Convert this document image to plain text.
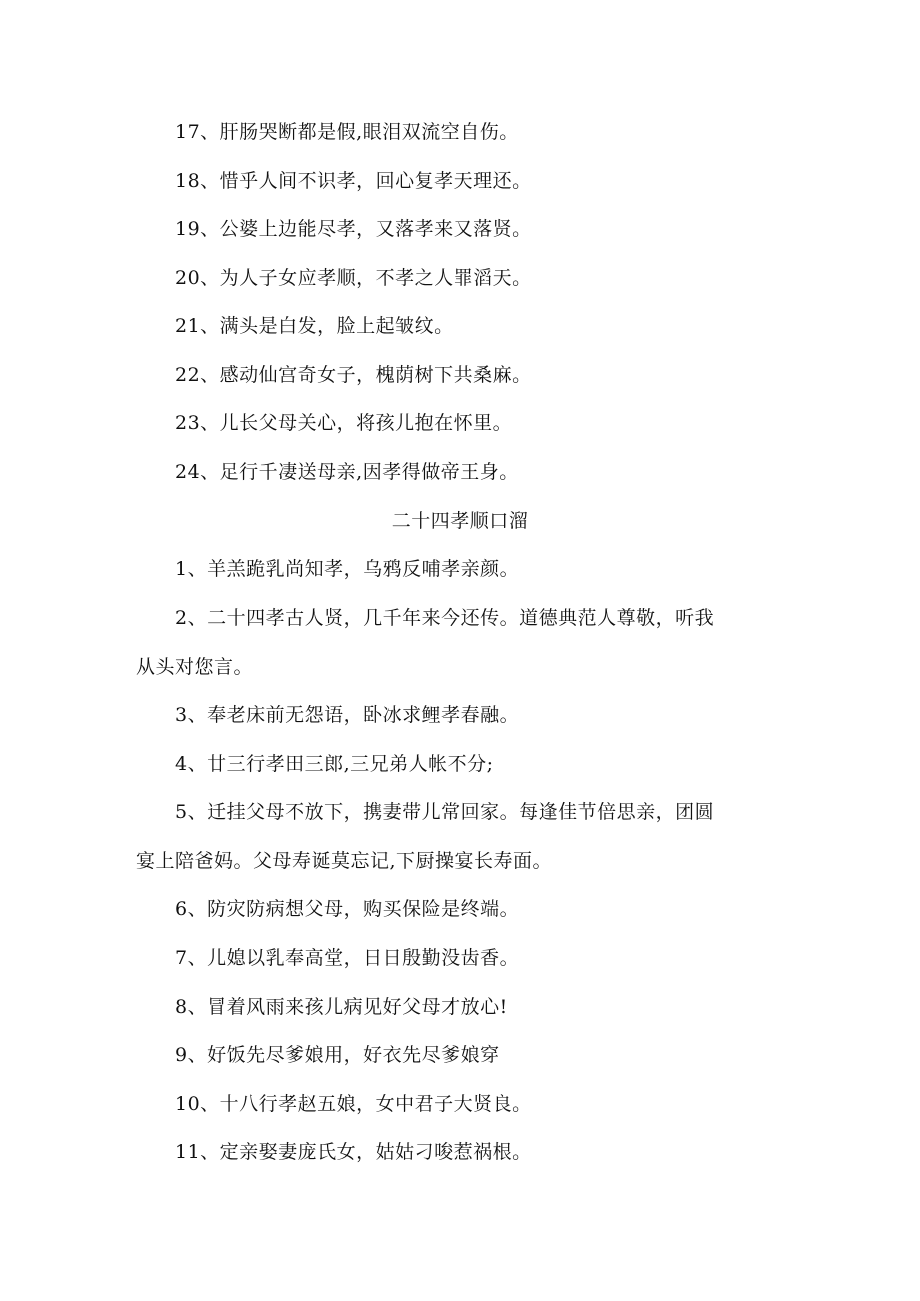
17、肝肠哭断都是假,眼泪双流空自伤。
18、惜乎人间不识孝，回心复孝天理还。
19、公婆上边能尽孝，又落孝来又落贤。
20、为人子女应孝顺，不孝之人罪滔天。
21、满头是白发，脸上起皱纹。
22、感动仙宫奇女子，槐荫树下共桑麻。
23、儿长父母关心，将孩儿抱在怀里。
24、足行千凄送母亲,因孝得做帝王身。
二十四孝顺口溜
1、羊羔跪乳尚知孝，乌鸦反哺孝亲颜。
2、二十四孝古人贤，几千年来今还传。道德典范人尊敬，听我
从头对您言。
3、奉老床前无怨语，卧冰求鲤孝春融。
4、廿三行孝田三郎,三兄弟人帐不分;
5、迁挂父母不放下，携妻带儿常回家。每逢佳节倍思亲，团圆
宴上陪爸妈。父母寿诞莫忘记,下厨操宴长寿面。
6、防灾防病想父母，购买保险是终端。
7、儿媳以乳奉高堂，日日殷勤没齿香。
8、冒着风雨来孩儿病见好父母才放心!
9、好饭先尽爹娘用，好衣先尽爹娘穿
10、十八行孝赵五娘，女中君子大贤良。
11、定亲娶妻庞氏女，姑姑刁唆惹祸根。
